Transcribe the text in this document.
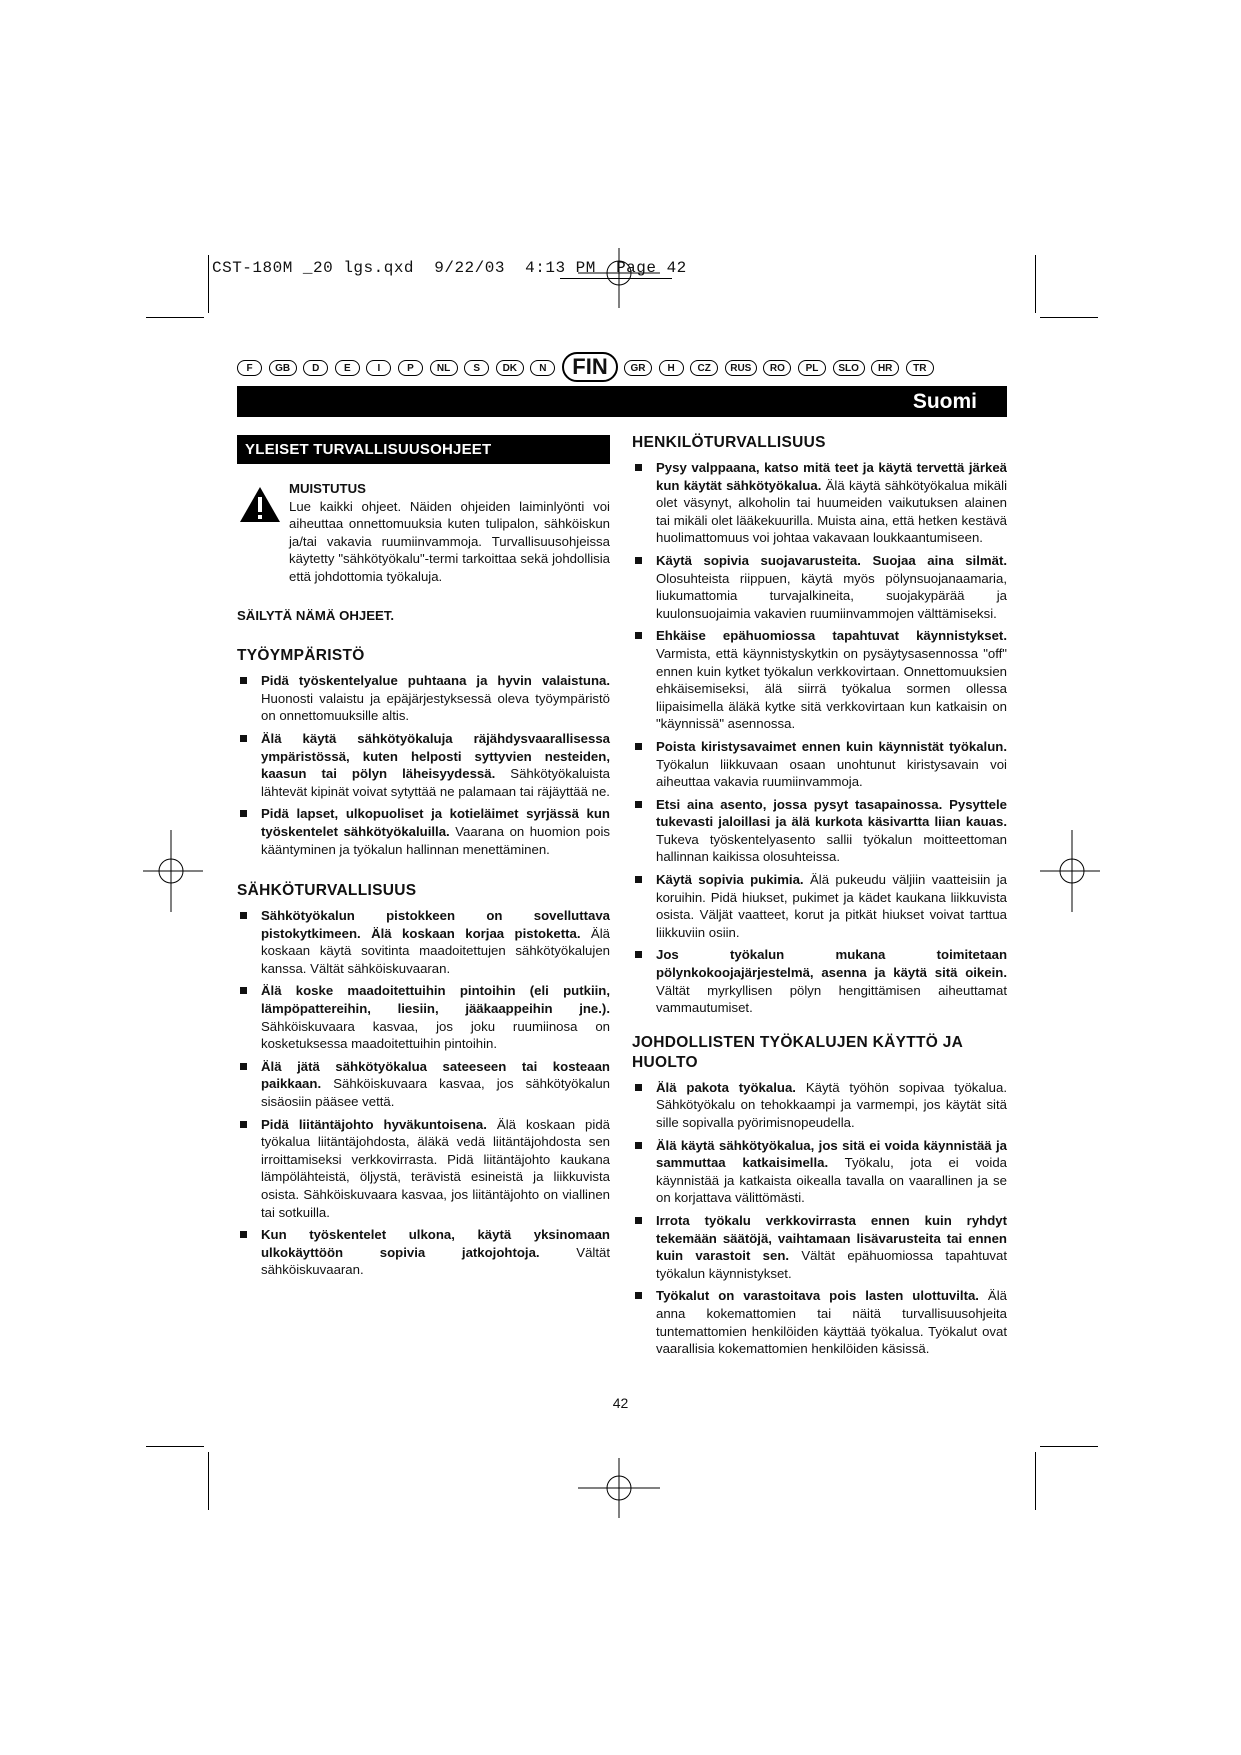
CST-180M _20 lgs.qxd  9/22/03  4:13 PM  Page 42
F	GB	D	E	I	P	NL	S	DK	N	FIN	GR	H	CZ	RUS	RO	PL	SLO	HR	TR
Suomi
YLEISET TURVALLISUUSOHJEET

MUISTUTUS

Lue kaikki ohjeet. Näiden ohjeiden laiminlyönti voi aiheuttaa onnettomuuksia kuten tulipalon, sähköiskun ja/tai vakavia ruumiinvammoja. Turvallisuusohjeissa käytetty "sähkötyökalu"-termi tarkoittaa sekä johdollisia että johdottomia työkaluja.

SÄILYTÄ NÄMÄ OHJEET.

TYÖYMPÄRISTÖ

Pidä työskentelyalue puhtaana ja hyvin valaistuna. Huonosti valaistu ja epäjärjestyksessä oleva työympäristö on onnettomuuksille altis.

Älä käytä sähkötyökaluja räjähdysvaarallisessa ympäristössä, kuten helposti syttyvien nesteiden, kaasun tai pölyn läheisyydessä. Sähkötyökaluista lähtevät kipinät voivat sytyttää ne palamaan tai räjäyttää ne.

Pidä lapset, ulkopuoliset ja kotieläimet syrjässä kun työskentelet sähkötyökaluilla. Vaarana on huomion pois kääntyminen ja työkalun hallinnan menettäminen.

SÄHKÖTURVALLISUUS

Sähkötyökalun pistokkeen on sovelluttava pistokytkimeen. Älä koskaan korjaa pistoketta. Älä koskaan käytä sovitinta maadoitettujen sähkötyökalujen kanssa. Vältät sähköiskuvaaran.

Älä koske maadoitettuihin pintoihin (eli putkiin, lämpöpattereihin, liesiin, jääkaappeihin jne.). Sähköiskuvaara kasvaa, jos joku ruumiinosa on kosketuksessa maadoitettuihin pintoihin.

Älä jätä sähkötyökalua sateeseen tai kosteaan paikkaan. Sähköiskuvaara kasvaa, jos sähkötyökalun sisäosiin pääsee vettä.

Pidä liitäntäjohto hyväkuntoisena. Älä koskaan pidä työkalua liitäntäjohdosta, äläkä vedä liitäntäjohdosta sen irroittamiseksi verkkovirrasta. Pidä liitäntäjohto kaukana lämpölähteistä, öljystä, terävistä esineistä ja liikkuvista osista. Sähköiskuvaara kasvaa, jos liitäntäjohto on viallinen tai sotkuilla.

Kun työskentelet ulkona, käytä yksinomaan ulkokäyttöön sopivia jatkojohtoja. Vältät sähköiskuvaaran.

HENKILÖTURVALLISUUS

Pysy valppaana, katso mitä teet ja käytä tervettä järkeä kun käytät sähkötyökalua. Älä käytä sähkötyökalua mikäli olet väsynyt, alkoholin tai huumeiden vaikutuksen alainen tai mikäli olet lääkekuurilla. Muista aina, että hetken kestävä huolimattomuus voi johtaa vakavaan loukkaantumiseen.

Käytä sopivia suojavarusteita. Suojaa aina silmät. Olosuhteista riippuen, käytä myös pölynsuojanaamaria, liukumattomia turvajalkineita, suojakypärää ja kuulonsuojaimia vakavien ruumiinvammojen välttämiseksi.

Ehkäise epähuomiossa tapahtuvat käynnistykset. Varmista, että käynnistyskytkin on pysäytysasennossa "off" ennen kuin kytket työkalun verkkovirtaan. Onnettomuuksien ehkäisemiseksi, älä siirrä työkalua sormen ollessa liipaisimella äläkä kytke sitä verkkovirtaan kun katkaisin on "käynnissä" asennossa.

Poista kiristysavaimet ennen kuin käynnistät työkalun. Työkalun liikkuvaan osaan unohtunut kiristysavain voi aiheuttaa vakavia ruumiinvammoja.

Etsi aina asento, jossa pysyt tasapainossa. Pysyttele tukevasti jaloillasi ja älä kurkota käsivartta liian kauas. Tukeva työskentelyasento sallii työkalun moitteettoman hallinnan kaikissa olosuhteissa.

Käytä sopivia pukimia. Älä pukeudu väljiin vaatteisiin ja koruihin. Pidä hiukset, pukimet ja kädet kaukana liikkuvista osista. Väljät vaatteet, korut ja pitkät hiukset voivat tarttua liikkuviin osiin.

Jos työkalun mukana toimitetaan pölynkokoojajärjestelmä, asenna ja käytä sitä oikein. Vältät myrkyllisen pölyn hengittämisen aiheuttamat vammautumiset.

JOHDOLLISTEN TYÖKALUJEN KÄYTTÖ JA HUOLTO

Älä pakota työkalua. Käytä työhön sopivaa työkalua. Sähkötyökalu on tehokkaampi ja varmempi, jos käytät sitä sille sopivalla pyörimisnopeudella.

Älä käytä sähkötyökalua, jos sitä ei voida käynnistää ja sammuttaa katkaisimella. Työkalu, jota ei voida käynnistää ja katkaista oikealla tavalla on vaarallinen ja se on korjattava välittömästi.

Irrota työkalu verkkovirrasta ennen kuin ryhdyt tekemään säätöjä, vaihtamaan lisävarusteita tai ennen kuin varastoit sen. Vältät epähuomiossa tapahtuvat työkalun käynnistykset.

Työkalut on varastoitava pois lasten ulottuvilta. Älä anna kokemattomien tai näitä turvallisuusohjeita tuntemattomien henkilöiden käyttää työkalua. Työkalut ovat vaarallisia kokemattomien henkilöiden käsissä.

42
